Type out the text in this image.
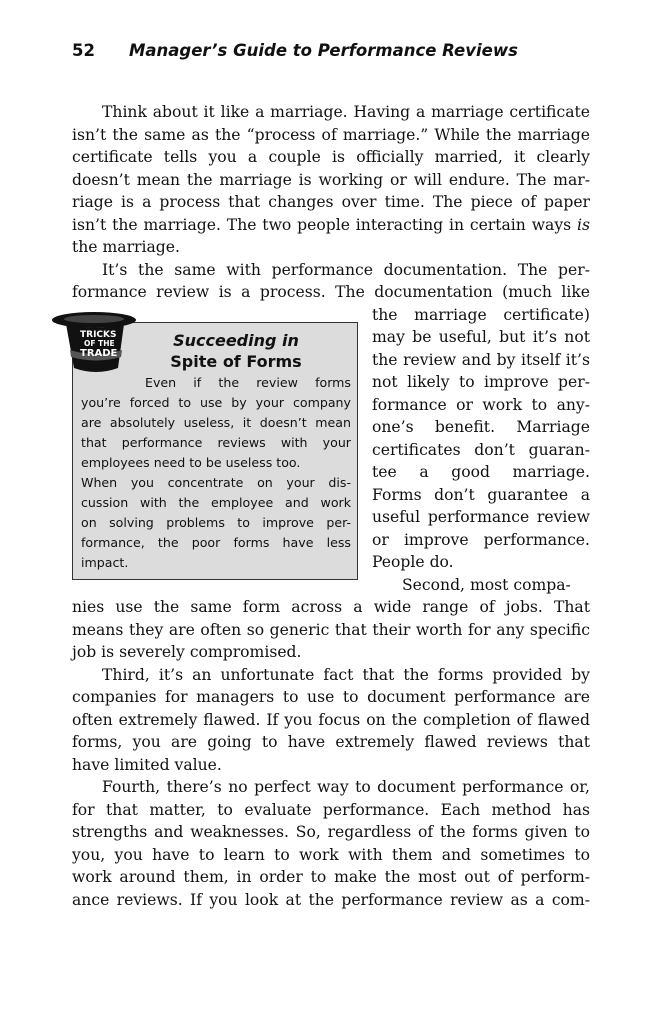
52 Manager’s Guide to Performance Reviews
Think about it like a marriage. Having a marriage certificate
isn’t the same as the “process of marriage.” While the marriage
certificate tells you a couple is officially married, it clearly
doesn’t mean the marriage is working or will endure. The mar-
riage is a process that changes over time. The piece of paper
isn’t the marriage. The two people interacting in certain ways is
the marriage.
It’s the same with performance documentation. The per-
formance review is a process. The documentation (much like
the marriage certificate)
may be useful, but it’s not
the review and by itself it’s
not likely to improve per-
formance or work to any-
one’s benefit. Marriage
certificates don’t guaran-
tee a good marriage.
Forms don’t guarantee a
useful performance review
or improve performance.
People do.
Second, most compa-
nies use the same form across a wide range of jobs. That
means they are often so generic that their worth for any specific
job is severely compromised.
Third, it’s an unfortunate fact that the forms provided by
companies for managers to use to document performance are
often extremely flawed. If you focus on the completion of flawed
forms, you are going to have extremely flawed reviews that
have limited value.
Fourth, there’s no perfect way to document performance or,
for that matter, to evaluate performance. Each method has
strengths and weaknesses. So, regardless of the forms given to
you, you have to learn to work with them and sometimes to
work around them, in order to make the most out of perform-
ance reviews. If you look at the performance review as a com-
Succeeding in
Spite of Forms
Even if the review forms
you’re forced to use by your company
are absolutely useless, it doesn’t mean
that performance reviews with your
employees need to be useless too.
When you concentrate on your dis-
cussion with the employee and work
on solving problems to improve per-
formance, the poor forms have less
impact.
TRICKS
OF THE
TRADE
